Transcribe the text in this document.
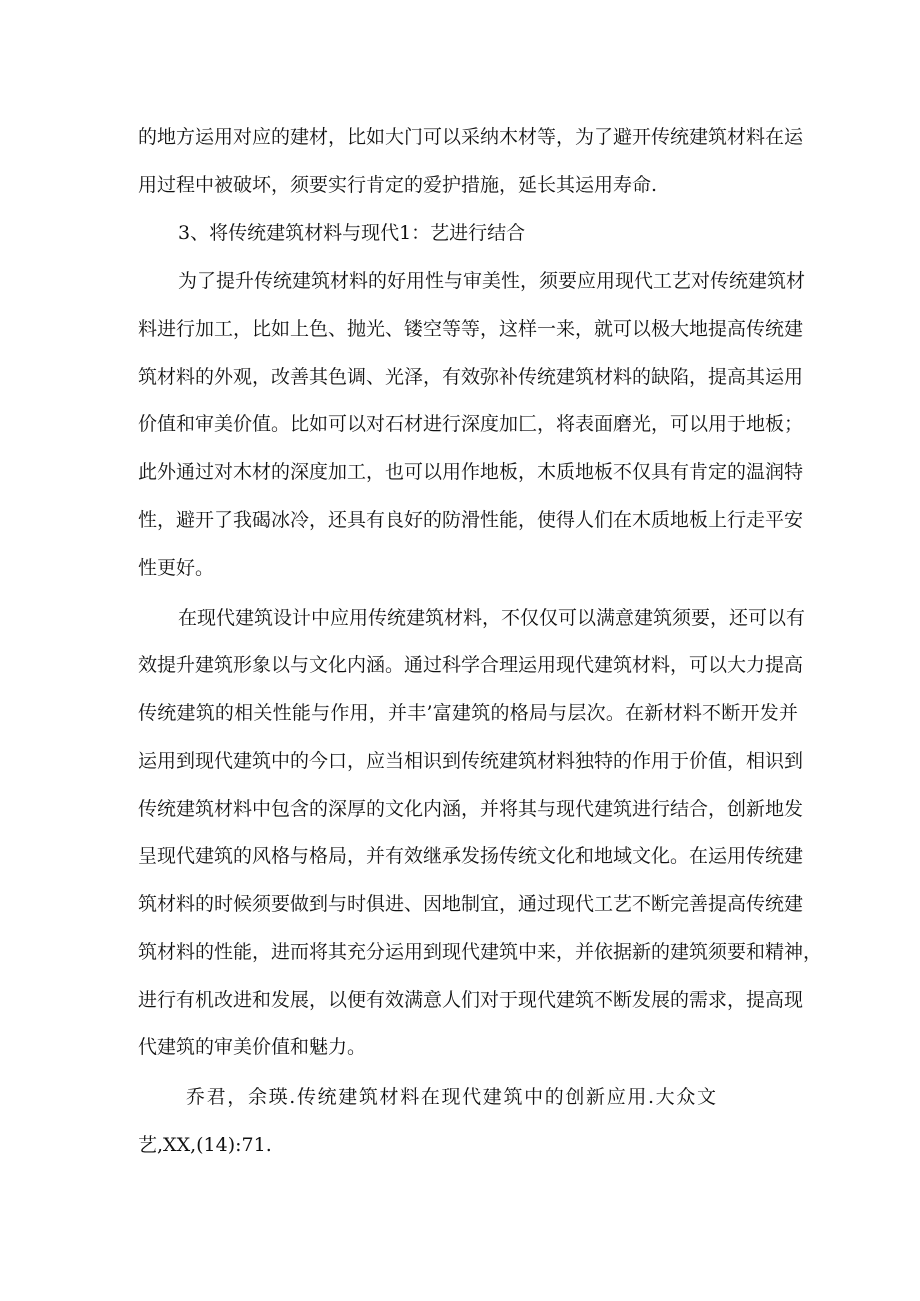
的地方运用对应的建材，比如大门可以采纳木材等，为了避开传统建筑材料在运
用过程中被破坏，须要实行肯定的爱护措施，延长其运用寿命.
3、将传统建筑材料与现代1：艺进行结合
为了提升传统建筑材料的好用性与审美性，须要应用现代工艺对传统建筑材
料进行加工，比如上色、抛光、镂空等等，这样一来，就可以极大地提高传统建
筑材料的外观，改善其色调、光泽，有效弥补传统建筑材料的缺陷，提高其运用
价值和审美价值。比如可以对石材进行深度加匚，将表面磨光，可以用于地板；
此外通过对木材的深度加工，也可以用作地板，木质地板不仅具有肯定的温润特
性，避开了我碣冰冷，还具有良好的防滑性能，使得人们在木质地板上行走平安
性更好。
在现代建筑设计中应用传统建筑材料，不仅仅可以满意建筑须要，还可以有
效提升建筑形象以与文化内涵。通过科学合理运用现代建筑材料，可以大力提高
传统建筑的相关性能与作用，并丰’富建筑的格局与层次。在新材料不断开发并
运用到现代建筑中的今口，应当相识到传统建筑材料独特的作用于价值，相识到
传统建筑材料中包含的深厚的文化内涵，并将其与现代建筑进行结合，创新地发
呈现代建筑的风格与格局，并有效继承发扬传统文化和地域文化。在运用传统建
筑材料的时候须要做到与时俱进、因地制宜，通过现代工艺不断完善提高传统建
筑材料的性能，进而将其充分运用到现代建筑中来，并依据新的建筑须要和精神，
进行有机改进和发展，以便有效满意人们对于现代建筑不断发展的需求，提高现
代建筑的审美价值和魅力。
乔君，余瑛.传统建筑材料在现代建筑中的创新应用.大众文
艺,XX,(14):71.
